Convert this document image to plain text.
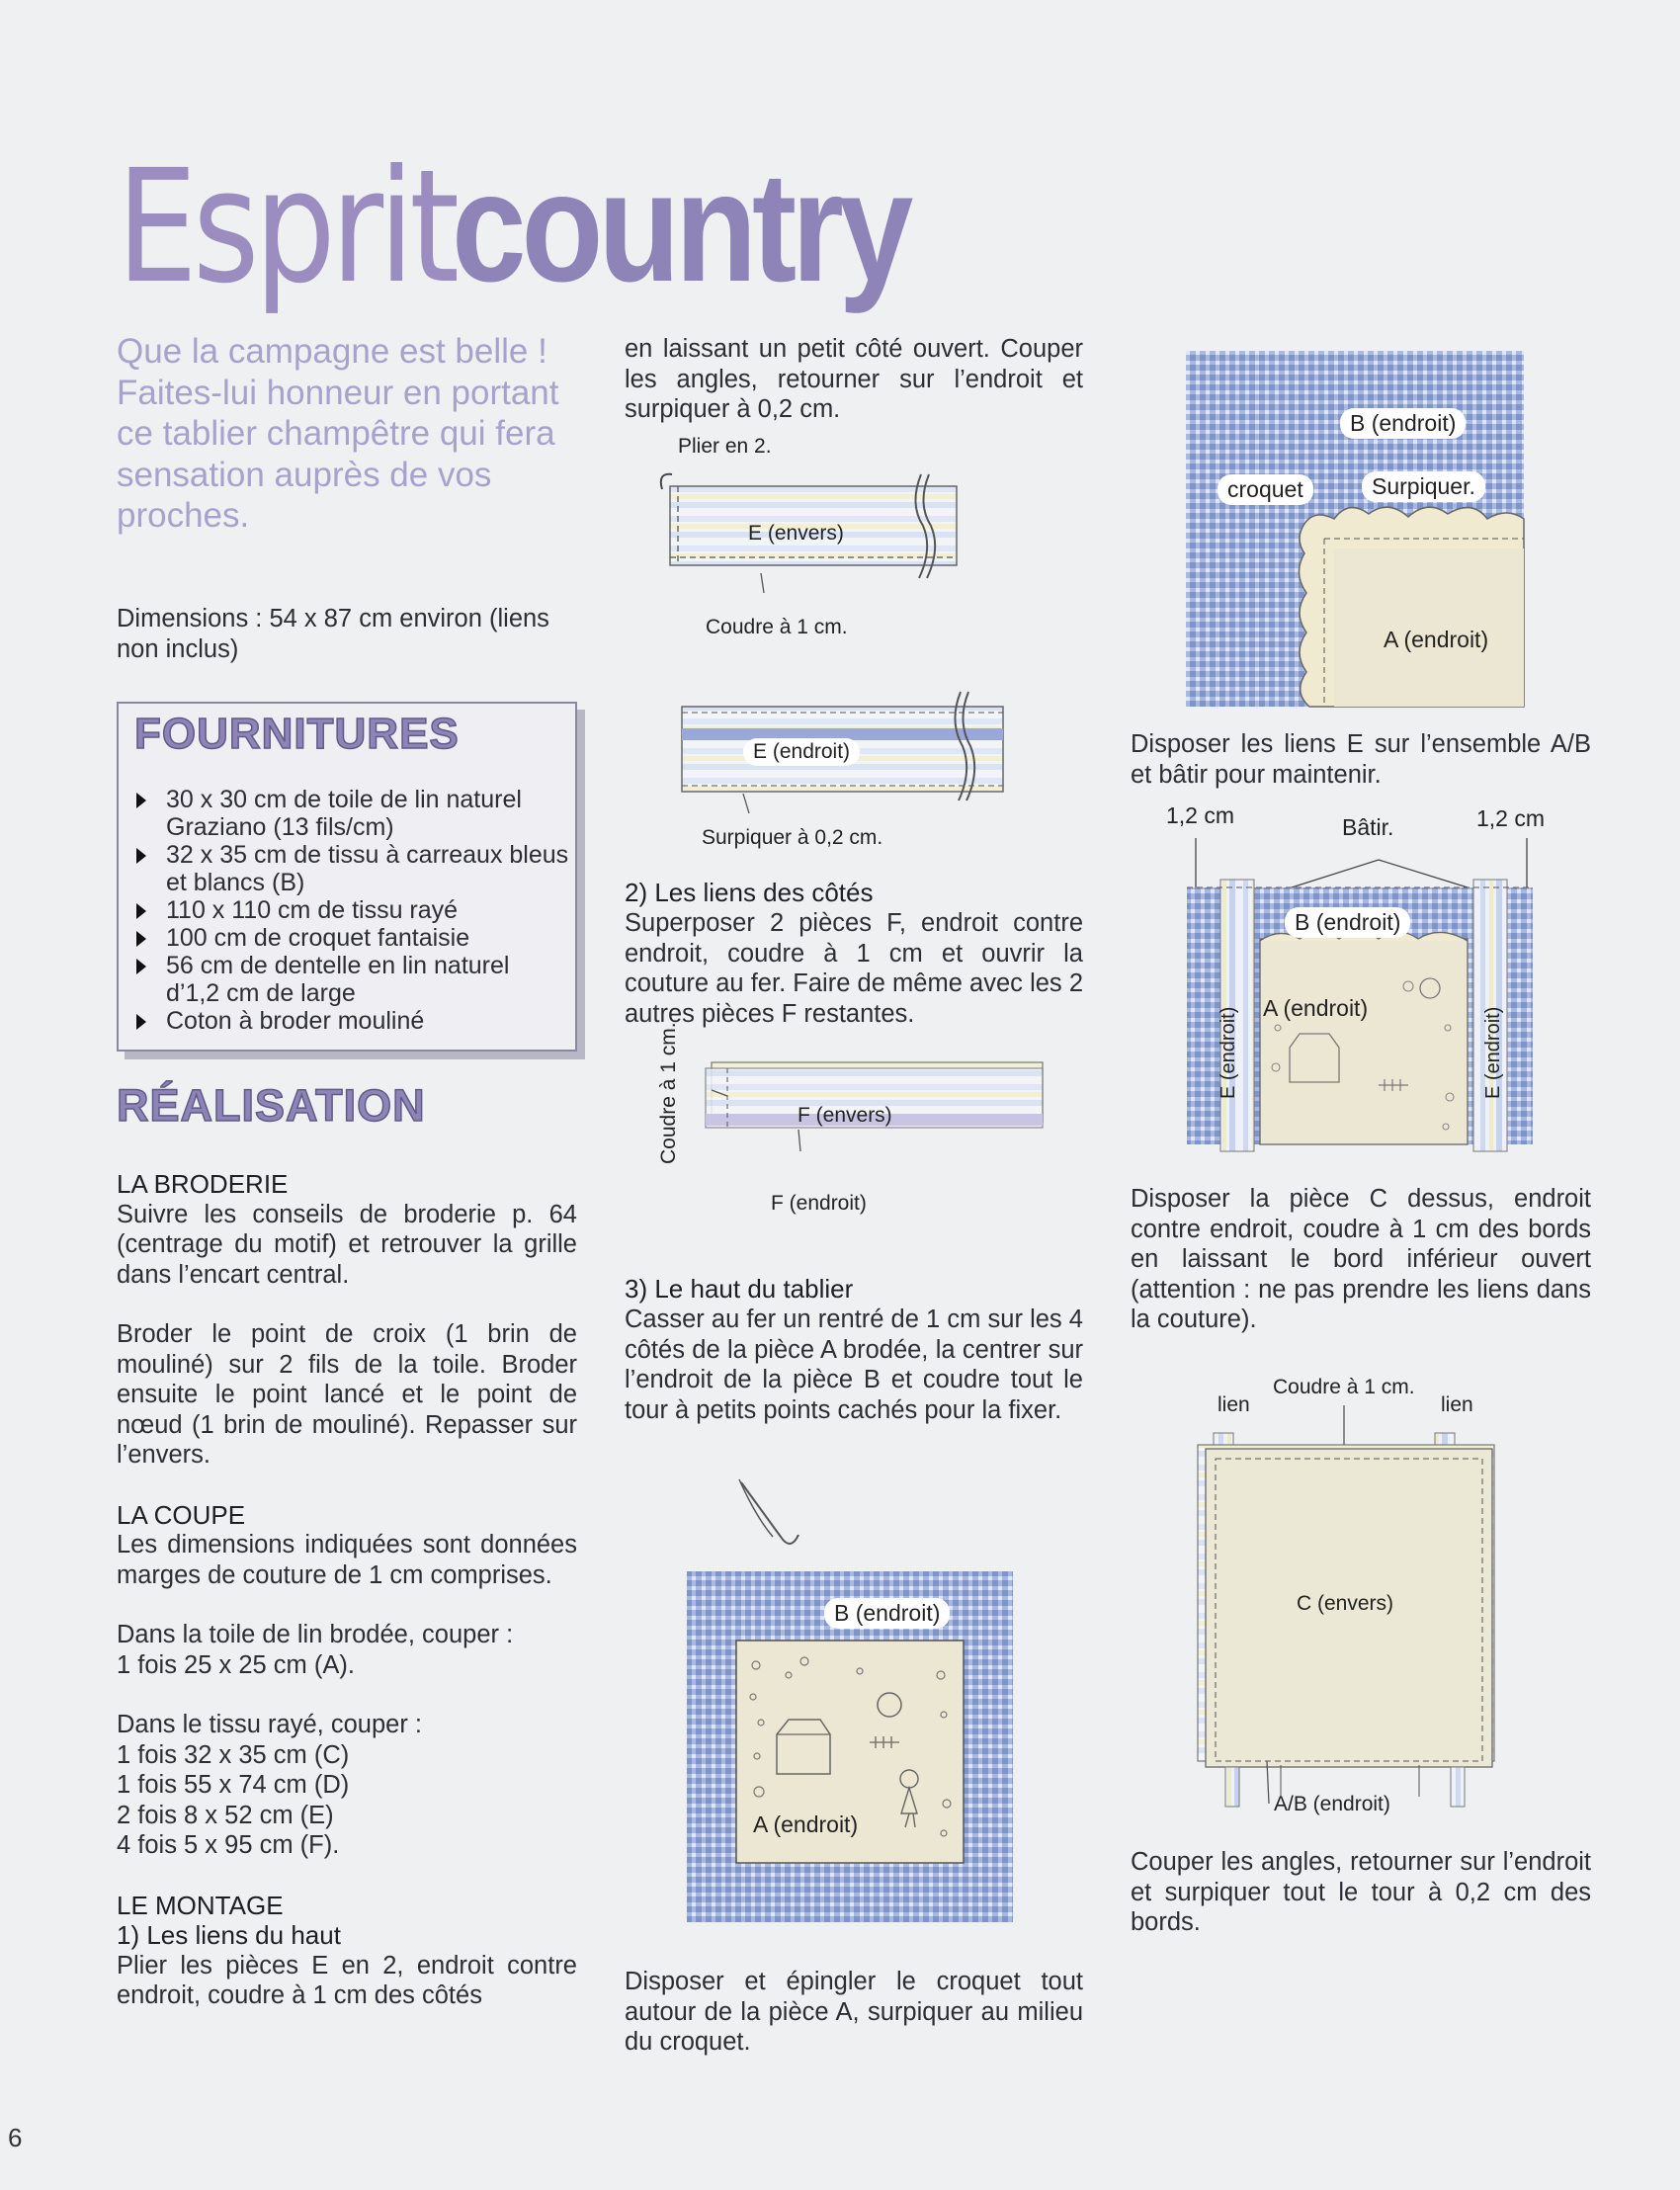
Espritcountry
Que la campagne est belle ! Faites-lui honneur en portant ce tablier champêtre qui fera sensation auprès de vos proches.
Dimensions : 54 x 87 cm environ (liens non inclus)
FOURNITURES
30 x 30 cm de toile de lin naturel Graziano (13 fils/cm)
32 x 35 cm de tissu à carreaux bleus et blancs (B)
110 x 110 cm de tissu rayé
100 cm de croquet fantaisie
56 cm de dentelle en lin naturel d’1,2 cm de large
Coton à broder mouliné
RÉALISATION
LA BRODERIE
Suivre les conseils de broderie p. 64 (centrage du motif) et retrouver la grille dans l’encart central.
Broder le point de croix (1 brin de mouliné) sur 2 fils de la toile. Broder ensuite le point lancé et le point de nœud (1 brin de mouliné). Repasser sur l’envers.
LA COUPE
Les dimensions indiquées sont données marges de couture de 1 cm comprises.
Dans la toile de lin brodée, couper :
1 fois 25 x 25 cm (A).
Dans le tissu rayé, couper :
1 fois 32 x 35 cm (C)
1 fois 55 x 74 cm (D)
2 fois 8 x 52 cm (E)
4 fois 5 x 95 cm (F).
LE MONTAGE
1) Les liens du haut
Plier les pièces E en 2, endroit contre endroit, coudre à 1 cm des côtés
en laissant un petit côté ouvert. Couper les angles, retourner sur l’endroit et surpiquer à 0,2 cm.
Plier en 2.
E (envers)
Coudre à 1 cm.
E (endroit)
Surpiquer à 0,2 cm.
2) Les liens des côtés
Superposer 2 pièces F, endroit contre endroit, coudre à 1 cm et ouvrir la couture au fer. Faire de même avec les 2 autres pièces F restantes.
Coudre à 1 cm.	F (envers)
F (endroit)
3) Le haut du tablier
Casser au fer un rentré de 1 cm sur les 4 côtés de la pièce A brodée, la centrer sur l’endroit de la pièce B et coudre tout le tour à petits points cachés pour la fixer.
B (endroit)
A (endroit)
Disposer et épingler le croquet tout autour de la pièce A, surpiquer au milieu du croquet.
B (endroit)
croquet	Surpiquer.
A (endroit)
Disposer les liens E sur l’ensemble A/B et bâtir pour maintenir.
1,2 cm	Bâtir.	1,2 cm
B (endroit)
A (endroit)
E (endroit)	E (endroit)
Disposer la pièce C dessus, endroit contre endroit, coudre à 1 cm des bords en laissant le bord inférieur ouvert (attention : ne pas prendre les liens dans la couture).
Coudre à 1 cm.
lien	lien
C (envers)
A/B (endroit)
Couper les angles, retourner sur l’endroit et surpiquer tout le tour à 0,2 cm des bords.
6
